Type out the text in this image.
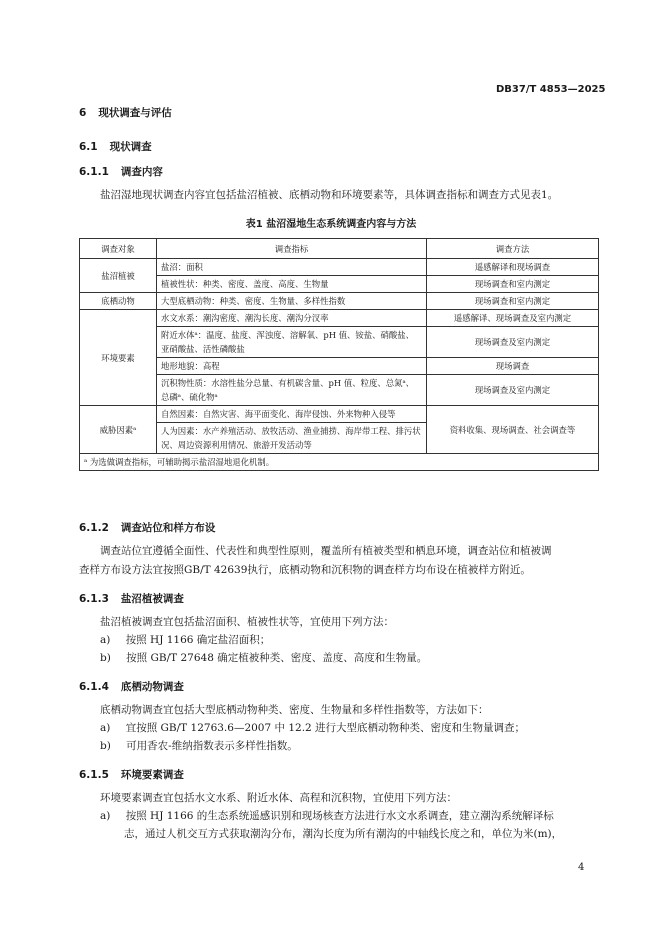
DB37/T 4853—2025
6 现状调查与评估
6.1 现状调查
6.1.1 调查内容
盐沼湿地现状调查内容宜包括盐沼植被、底栖动物和环境要素等，具体调查指标和调查方式见表1。
表1 盐沼湿地生态系统调查内容与方法
调查对象	调查指标	调查方法
盐沼植被	盐沼：面积	遥感解译和现场调查
	植被性状：种类、密度、盖度、高度、生物量	现场调查和室内测定
底栖动物	大型底栖动物：种类、密度、生物量、多样性指数	现场调查和室内测定
环境要素	水文水系：潮沟密度、潮沟长度、潮沟分汊率	遥感解译、现场调查及室内测定
	附近水体ᵃ：温度、盐度、浑浊度、溶解氧、pH 值、铵盐、硝酸盐、亚硝酸盐、活性磷酸盐	现场调查及室内测定
	地形地貌：高程	现场调查
	沉积物性质：水溶性盐分总量、有机碳含量、pH 值、粒度、总氮ᵃ、总磷ᵃ、硫化物ᵃ	现场调查及室内测定
威胁因素ᵃ	自然因素：自然灾害、海平面变化、海岸侵蚀、外来物种入侵等	资料收集、现场调查、社会调查等
	人为因素：水产养殖活动、放牧活动、渔业捕捞、海岸带工程、排污状况、周边资源利用情况、旅游开发活动等	
ᵃ 为选做调查指标，可辅助揭示盐沼湿地退化机制。		
6.1.2 调查站位和样方布设
调查站位宜遵循全面性、代表性和典型性原则，覆盖所有植被类型和栖息环境，调查站位和植被调
查样方布设方法宜按照GB/T 42639执行，底栖动物和沉积物的调查样方均布设在植被样方附近。
6.1.3 盐沼植被调查
盐沼植被调查宜包括盐沼面积、植被性状等，宜使用下列方法：
a) 按照 HJ 1166 确定盐沼面积；
b) 按照 GB/T 27648 确定植被种类、密度、盖度、高度和生物量。
6.1.4 底栖动物调查
底栖动物调查宜包括大型底栖动物种类、密度、生物量和多样性指数等，方法如下：
a) 宜按照 GB/T 12763.6—2007 中 12.2 进行大型底栖动物种类、密度和生物量调查；
b) 可用香农-维纳指数表示多样性指数。
6.1.5 环境要素调查
环境要素调查宜包括水文水系、附近水体、高程和沉积物，宜使用下列方法：
a) 按照 HJ 1166 的生态系统遥感识别和现场核查方法进行水文水系调查，建立潮沟系统解译标
志，通过人机交互方式获取潮沟分布，潮沟长度为所有潮沟的中轴线长度之和，单位为米(m)，
4
